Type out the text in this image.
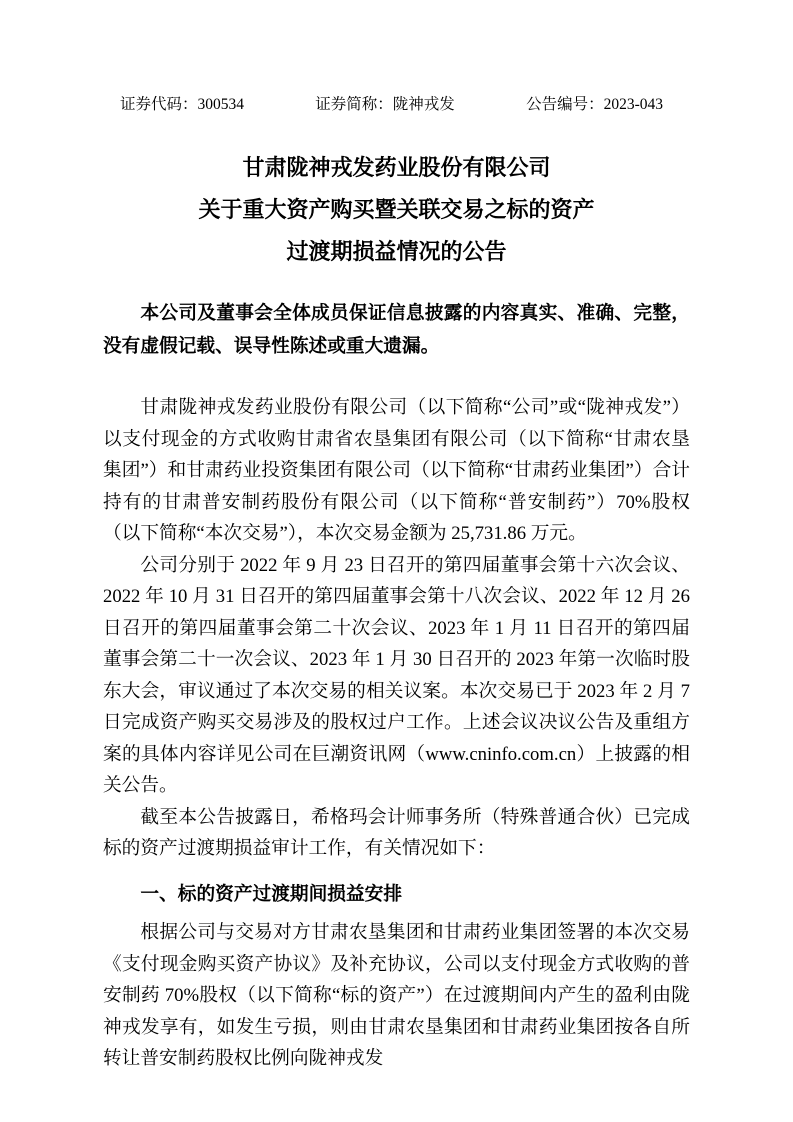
证券代码：300534	证券简称：陇神戎发	公告编号：2023-043
甘肃陇神戎发药业股份有限公司
关于重大资产购买暨关联交易之标的资产
过渡期损益情况的公告

本公司及董事会全体成员保证信息披露的内容真实、准确、完整，没有虚假记载、误导性陈述或重大遗漏。

甘肃陇神戎发药业股份有限公司（以下简称“公司”或“陇神戎发”）以支付现金的方式收购甘肃省农垦集团有限公司（以下简称“甘肃农垦集团”）和甘肃药业投资集团有限公司（以下简称“甘肃药业集团”）合计持有的甘肃普安制药股份有限公司（以下简称“普安制药”）70%股权（以下简称“本次交易”），本次交易金额为 25,731.86 万元。

公司分别于 2022 年 9 月 23 日召开的第四届董事会第十六次会议、2022 年 10 月 31 日召开的第四届董事会第十八次会议、2022 年 12 月 26 日召开的第四届董事会第二十次会议、2023 年 1 月 11 日召开的第四届董事会第二十一次会议、2023 年 1 月 30 日召开的 2023 年第一次临时股东大会，审议通过了本次交易的相关议案。本次交易已于 2023 年 2 月 7 日完成资产购买交易涉及的股权过户工作。上述会议决议公告及重组方案的具体内容详见公司在巨潮资讯网（www.cninfo.com.cn）上披露的相关公告。

截至本公告披露日，希格玛会计师事务所（特殊普通合伙）已完成标的资产过渡期损益审计工作，有关情况如下：

一、标的资产过渡期间损益安排

根据公司与交易对方甘肃农垦集团和甘肃药业集团签署的本次交易《支付现金购买资产协议》及补充协议，公司以支付现金方式收购的普安制药 70%股权（以下简称“标的资产”）在过渡期间内产生的盈利由陇神戎发享有，如发生亏损，则由甘肃农垦集团和甘肃药业集团按各自所转让普安制药股权比例向陇神戎发
